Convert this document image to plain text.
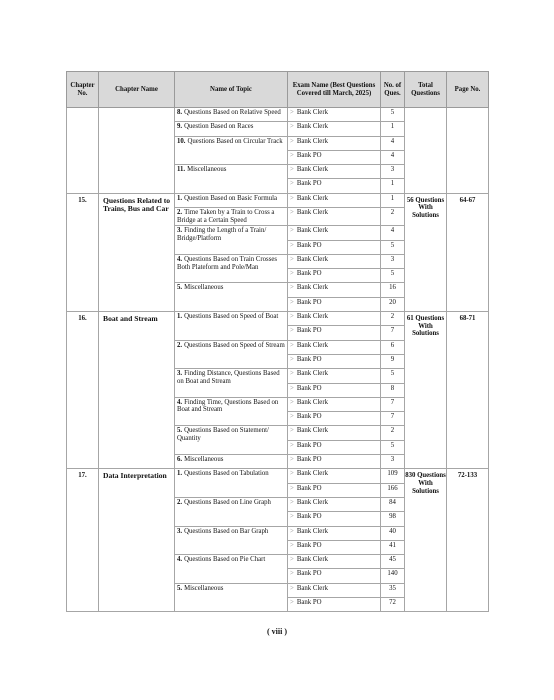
Chapter No.	Chapter Name	Name of Topic	Exam Name (Best Questions Covered till March, 2025)	No. of Ques.	Total Questions	Page No.
		8. Questions Based on Relative Speed	> Bank Clerk	5		
		9. Question Based on Races	> Bank Clerk	1		
		10. Questions Based on Circular Track	> Bank Clerk	4		
			> Bank PO	4		
		11. Miscellaneous	> Bank Clerk	3		
			> Bank PO	1		
15.	Questions Related to Trains, Bus and Car	1. Question Based on Basic Formula	> Bank Clerk	1	56 Questions With Solutions	64-67
		2. Time Taken by a Train to Cross a Bridge at a Certain Speed	> Bank Clerk	2		
		3. Finding the Length of a Train/ Bridge/Platform	> Bank Clerk	4		
			> Bank PO	5		
		4. Questions Based on Train Crosses Both Plateform and Pole/Man	> Bank Clerk	3		
			> Bank PO	5		
		5. Miscellaneous	> Bank Clerk	16		
			> Bank PO	20		
16.	Boat and Stream	1. Questions Based on Speed of Boat	> Bank Clerk	2	61 Questions With Solutions	68-71
			> Bank PO	7		
		2. Questions Based on Speed of Stream	> Bank Clerk	6		
			> Bank PO	9		
		3. Finding Distance, Questions Based on Boat and Stream	> Bank Clerk	5		
			> Bank PO	8		
		4. Finding Time, Questions Based on Boat and Stream	> Bank Clerk	7		
			> Bank PO	7		
		5. Questions Based on Statement/ Quantity	> Bank Clerk	2		
			> Bank PO	5		
		6. Miscellaneous	> Bank PO	3		
17.	Data Interpretation	1. Questions Based on Tabulation	> Bank Clerk	109	830 Questions With Solutions	72-133
			> Bank PO	166		
		2. Questions Based on Line Graph	> Bank Clerk	84		
			> Bank PO	98		
		3. Questions Based on Bar Graph	> Bank Clerk	40		
			> Bank PO	41		
		4. Questions Based on Pie Chart	> Bank Clerk	45		
			> Bank PO	140		
		5. Miscellaneous	> Bank Clerk	35		
			> Bank PO	72		
( viii )
